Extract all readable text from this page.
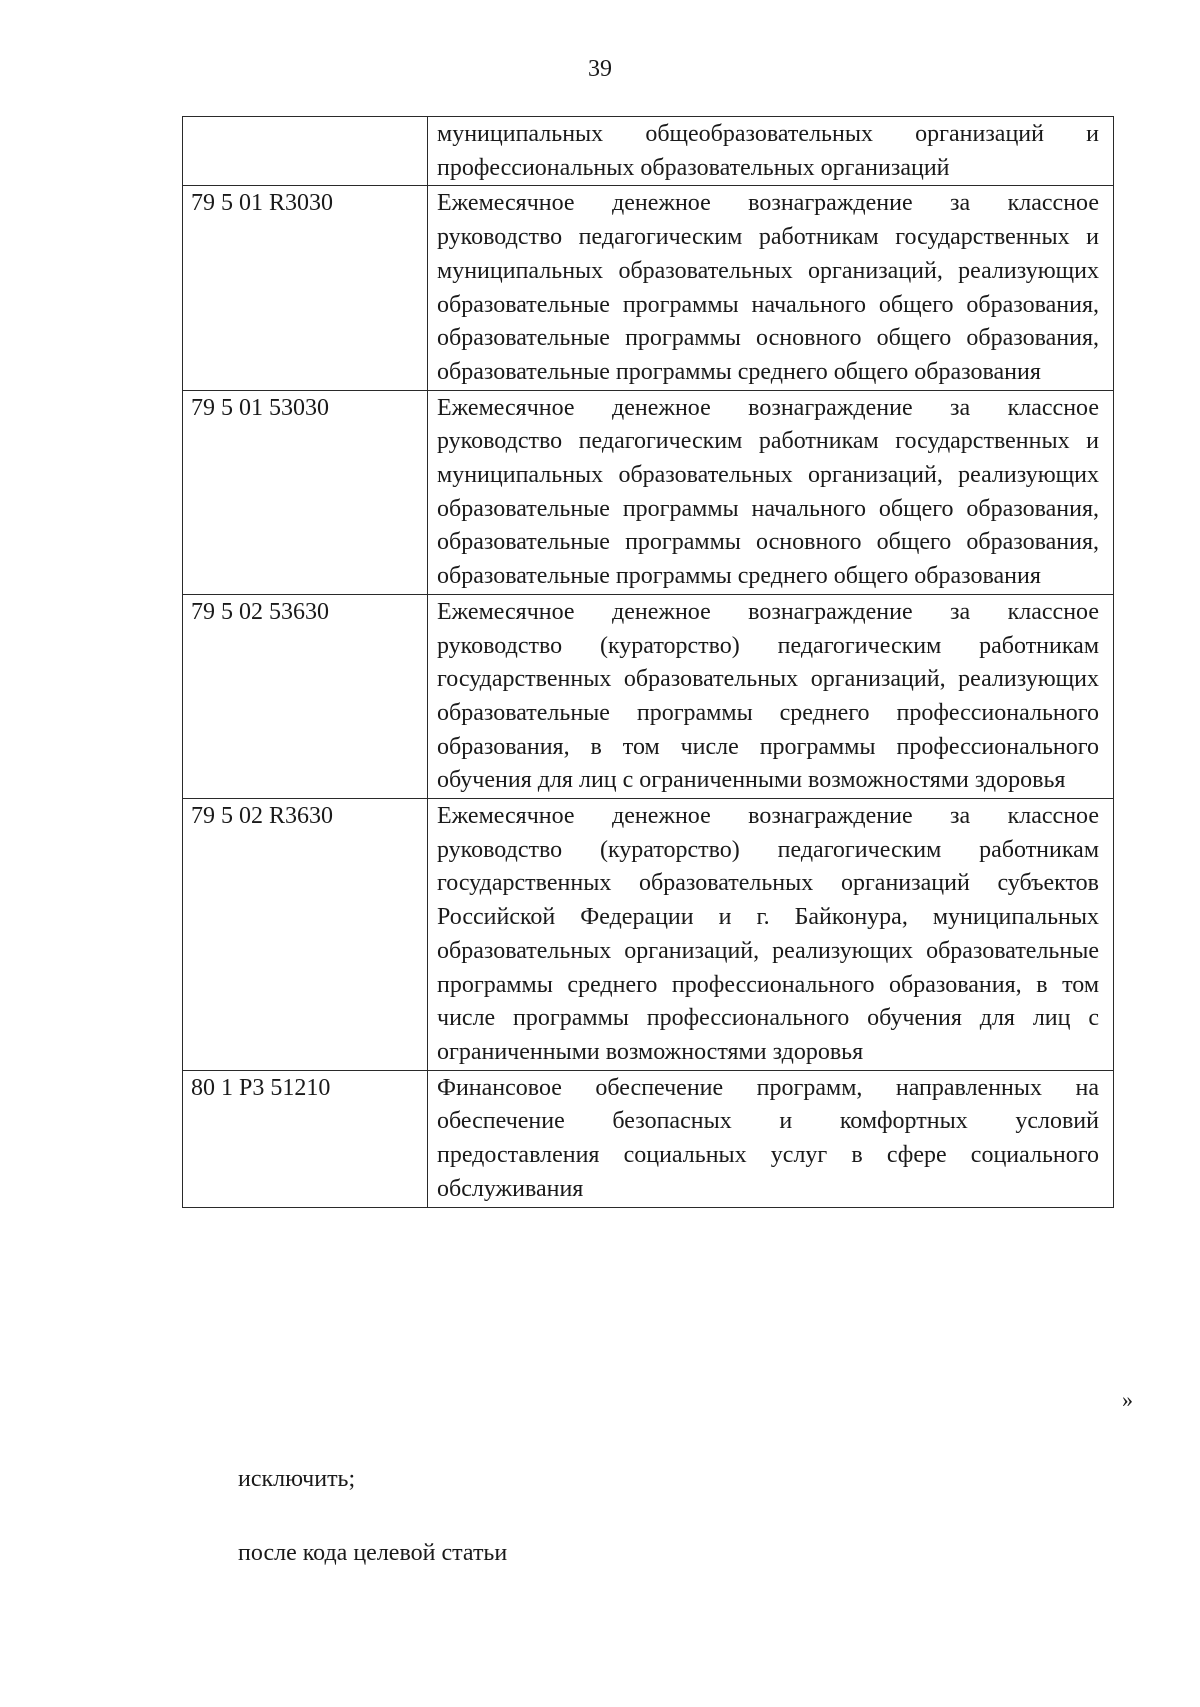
39
	муниципальных общеобразовательных организаций и профессиональных образовательных организаций
79 5 01 R3030	Ежемесячное денежное вознаграждение за классное руководство педагогическим работникам государственных и муниципальных образовательных организаций, реализующих образовательные программы начального общего образования, образовательные программы основного общего образования, образовательные программы среднего общего образования
79 5 01 53030	Ежемесячное денежное вознаграждение за классное руководство педагогическим работникам государственных и муниципальных образовательных организаций, реализующих образовательные программы начального общего образования, образовательные программы основного общего образования, образовательные программы среднего общего образования
79 5 02 53630	Ежемесячное денежное вознаграждение за классное руководство (кураторство) педагогическим работникам государственных образовательных организаций, реализующих образовательные программы среднего профессионального образования, в том числе программы профессионального обучения для лиц с ограниченными возможностями здоровья
79 5 02 R3630	Ежемесячное денежное вознаграждение за классное руководство (кураторство) педагогическим работникам государственных образовательных организаций субъектов Российской Федерации и г. Байконура, муниципальных образовательных организаций, реализующих образовательные программы среднего профессионального образования, в том числе программы профессионального обучения для лиц с ограниченными возможностями здоровья
80 1 P3 51210	Финансовое обеспечение программ, направленных на обеспечение безопасных и комфортных условий предоставления социальных услуг в сфере социального обслуживания
»
исключить;
после кода целевой статьи
